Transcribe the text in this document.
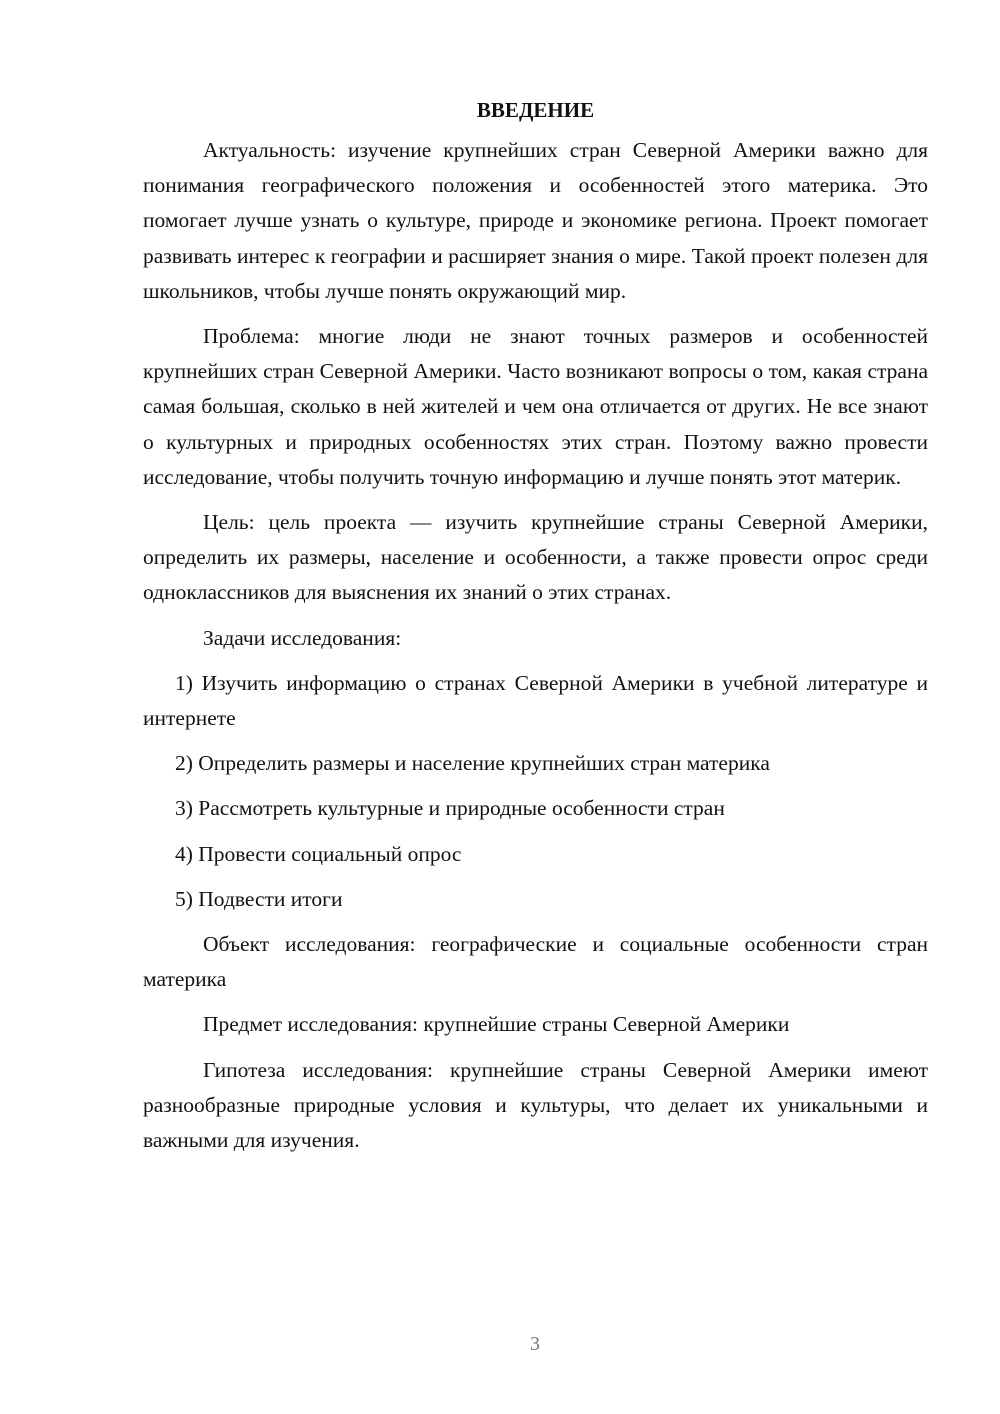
ВВЕДЕНИЕ

Актуальность: изучение крупнейших стран Северной Америки важно для понимания географического положения и особенностей этого материка. Это помогает лучше узнать о культуре, природе и экономике региона. Проект помогает развивать интерес к географии и расширяет знания о мире. Такой проект полезен для школьников, чтобы лучше понять окружающий мир.

Проблема: многие люди не знают точных размеров и особенностей крупнейших стран Северной Америки. Часто возникают вопросы о том, какая страна самая большая, сколько в ней жителей и чем она отличается от других. Не все знают о культурных и природных особенностях этих стран. Поэтому важно провести исследование, чтобы получить точную информацию и лучше понять этот материк.

Цель: цель проекта — изучить крупнейшие страны Северной Америки, определить их размеры, население и особенности, а также провести опрос среди одноклассников для выяснения их знаний о этих странах.

Задачи исследования:

1) Изучить информацию о странах Северной Америки в учебной литературе и интернете

2) Определить размеры и население крупнейших стран материка

3) Рассмотреть культурные и природные особенности стран

4) Провести социальный опрос

5) Подвести итоги

Объект исследования: географические и социальные особенности стран материка

Предмет исследования: крупнейшие страны Северной Америки

Гипотеза исследования: крупнейшие страны Северной Америки имеют разнообразные природные условия и культуры, что делает их уникальными и важными для изучения.

3
